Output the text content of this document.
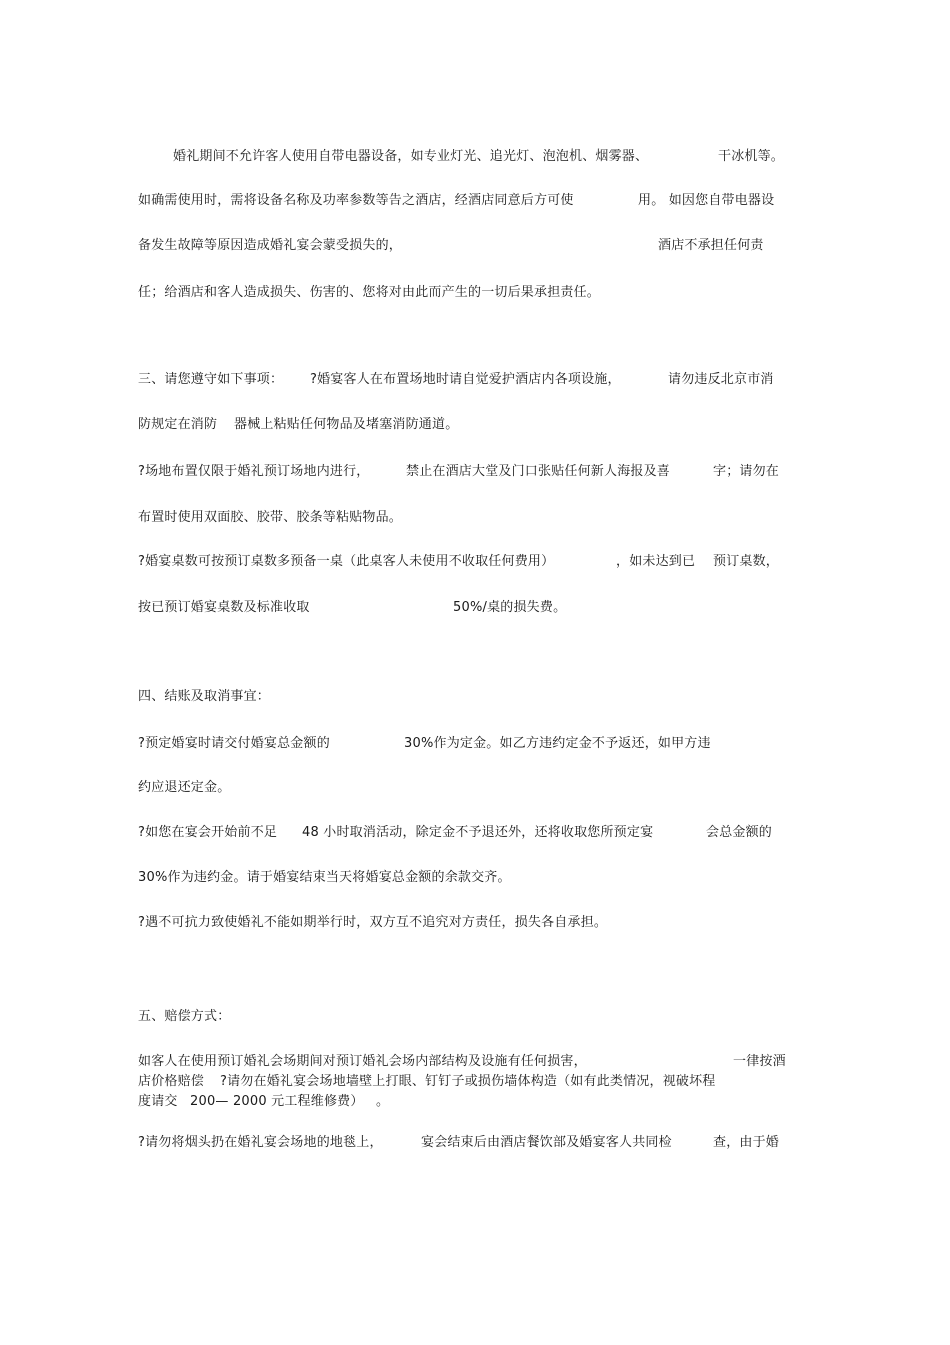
婚礼期间不允许客人使用自带电器设备，如专业灯光、追光灯、泡泡机、烟雾器、	干冰机等。
如确需使用时，需将设备名称及功率参数等告之酒店，经酒店同意后方可使	用。 如因您自带电器设
备发生故障等原因造成婚礼宴会蒙受损失的，	酒店不承担任何责
任；给酒店和客人造成损失、伤害的、您将对由此而产生的一切后果承担责任。
三、请您遵守如下事项： ?婚宴客人在布置场地时请自觉爱护酒店内各项设施，	请勿违反北京市消
防规定在消防 器械上粘贴任何物品及堵塞消防通道。
?场地布置仅限于婚礼预订场地内进行，	禁止在酒店大堂及门口张贴任何新人海报及喜	字；请勿在
布置时使用双面胶、胶带、胶条等粘贴物品。
?婚宴桌数可按预订桌数多预备一桌（此桌客人未使用不收取任何费用）	，如未达到已 预订桌数，
按已预订婚宴桌数及标准收取	50%/桌的损失费。
四、结账及取消事宜：
?预定婚宴时请交付婚宴总金额的	30%作为定金。如乙方违约定金不予返还，如甲方违
约应退还定金。
?如您在宴会开始前不足 48 小时取消活动，除定金不予退还外，还将收取您所预定宴	会总金额的
30%作为违约金。请于婚宴结束当天将婚宴总金额的余款交齐。
?遇不可抗力致使婚礼不能如期举行时，双方互不追究对方责任，损失各自承担。
五、赔偿方式：
如客人在使用预订婚礼会场期间对预订婚礼会场内部结构及设施有任何损害，	一律按酒
店价格赔偿 ?请勿在婚礼宴会场地墙壁上打眼、钉钉子或损伤墙体构造（如有此类情况，视破坏程
度请交 200— 2000 元工程维修费） 。
?请勿将烟头扔在婚礼宴会场地的地毯上，	宴会结束后由酒店餐饮部及婚宴客人共同检	查，由于婚
